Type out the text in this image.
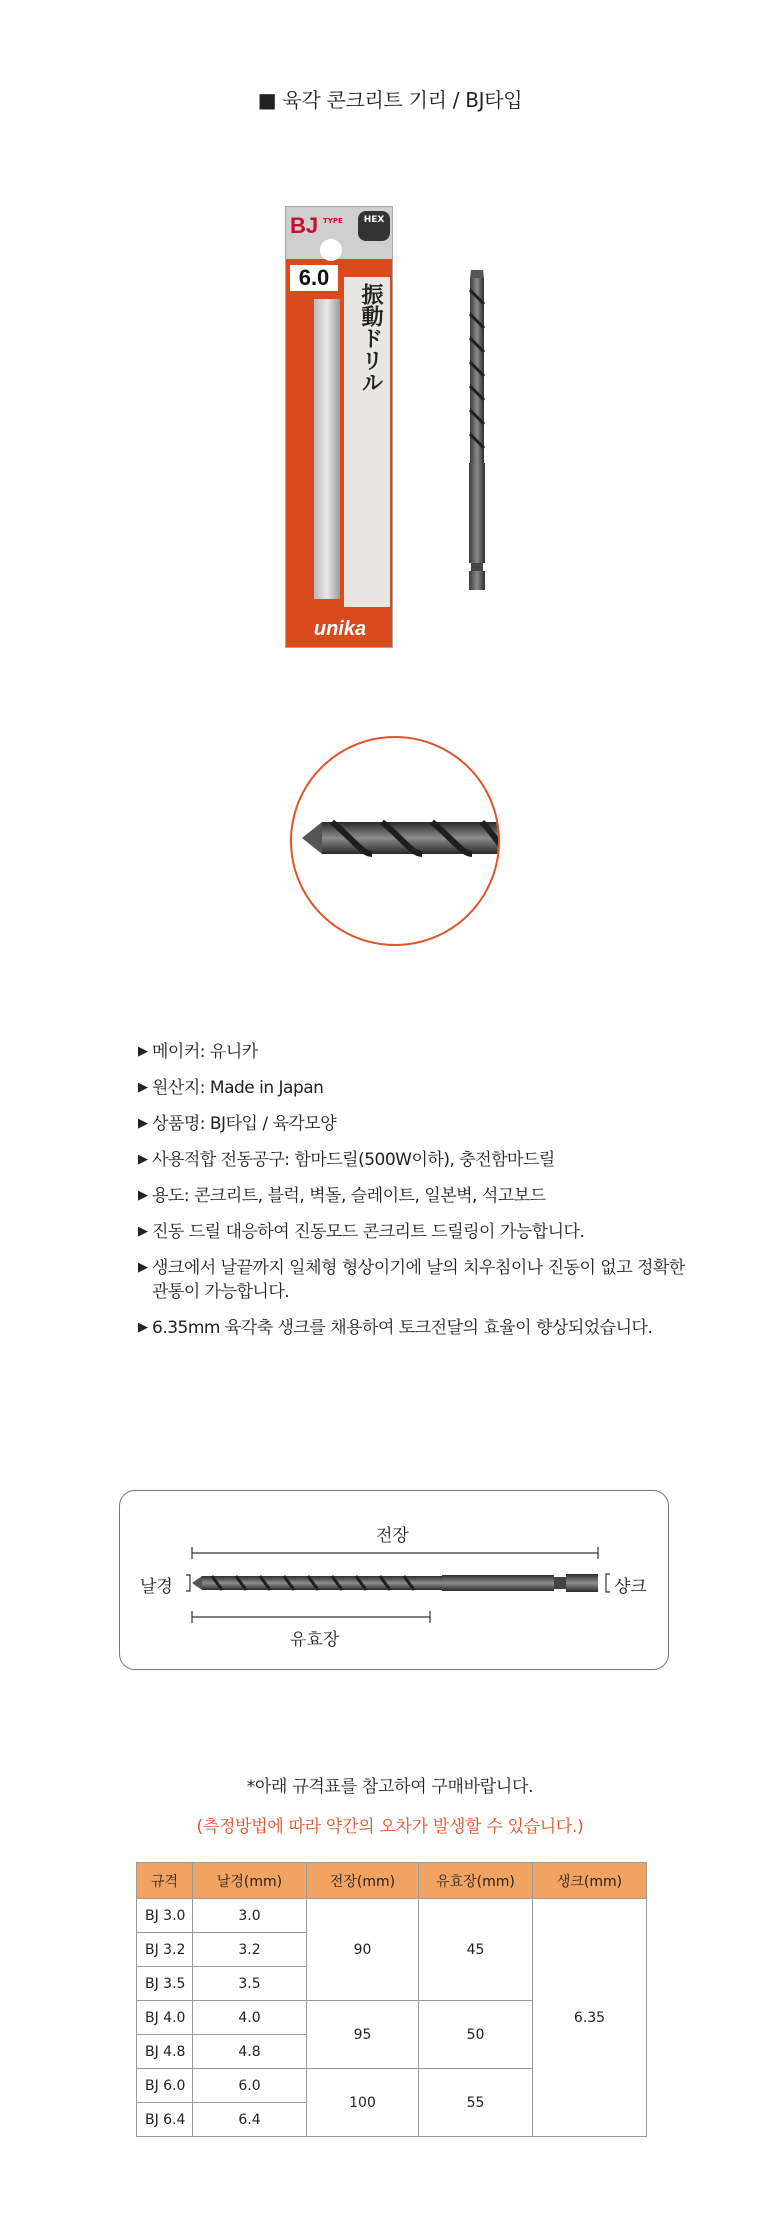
■ 육각 콘크리트 기리 / BJ타입
BJ TYPE	HEX
6.0
振動ドリル
unika
▶ 메이커: 유니카
▶ 원산지: Made in Japan
▶ 상품명: BJ타입 / 육각모양
▶ 사용적합 전동공구: 함마드릴(500W이하), 충전함마드릴
▶ 용도: 콘크리트, 블럭, 벽돌, 슬레이트, 일본벽, 석고보드
▶ 진동 드릴 대응하여 진동모드 콘크리트 드릴링이 가능합니다.
▶ 생크에서 날끝까지 일체형 형상이기에 날의 치우침이나 진동이 없고 정확한 관통이 가능합니다.
▶ 6.35mm 육각축 생크를 채용하여 토크전달의 효율이 향상되었습니다.
전장
날경	샹크
유효장
*아래 규격표를 참고하여 구매바랍니다.
(측정방법에 따라 약간의 오차가 발생할 수 있습니다.)
규격	날경(mm)	전장(mm)	유효장(mm)	생크(mm)
BJ 3.0	3.0	90	45	6.35
BJ 3.2	3.2			
BJ 3.5	3.5			
BJ 4.0	4.0	95	50	
BJ 4.8	4.8			
BJ 6.0	6.0	100	55	
BJ 6.4	6.4			
